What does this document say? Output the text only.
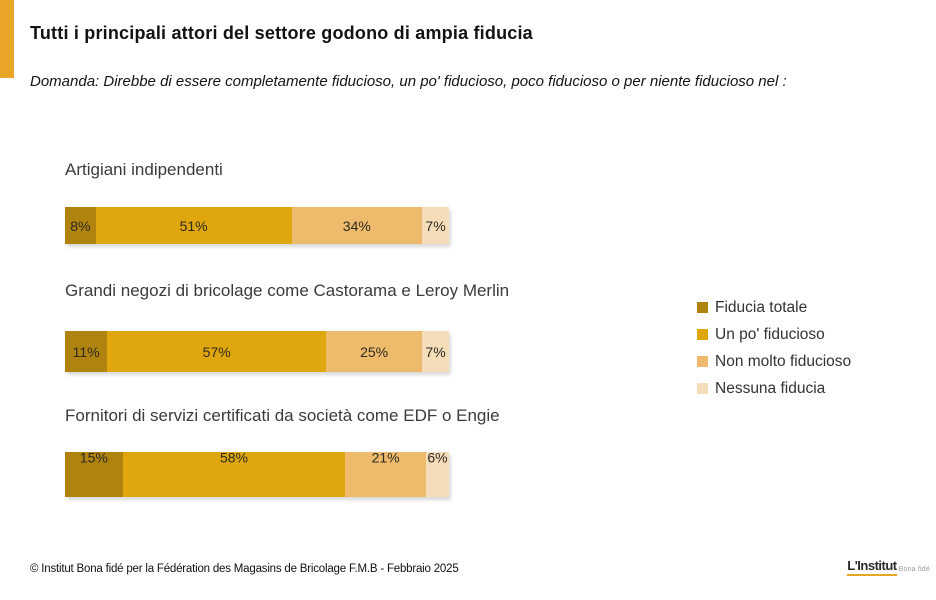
Tutti i principali attori del settore godono di ampia fiducia

Domanda: Direbbe di essere completamente fiducioso, un po' fiducioso, poco fiducioso o per niente fiducioso nel :

Artigiani indipendenti
8%	51%	34%	7%
Grandi negozi di bricolage come Castorama e Leroy Merlin
11%	57%	25%	7%
Fornitori di servizi certificati da società come EDF o Engie
15%	58%	21% 6%
Fiducia totale
Un po' fiducioso
Non molto fiducioso
Nessuna fiducia
© Institut Bona fidé per la Fédération des Magasins de Bricolage F.M.B - Febbraio 2025	L'Institut Bona fidé
